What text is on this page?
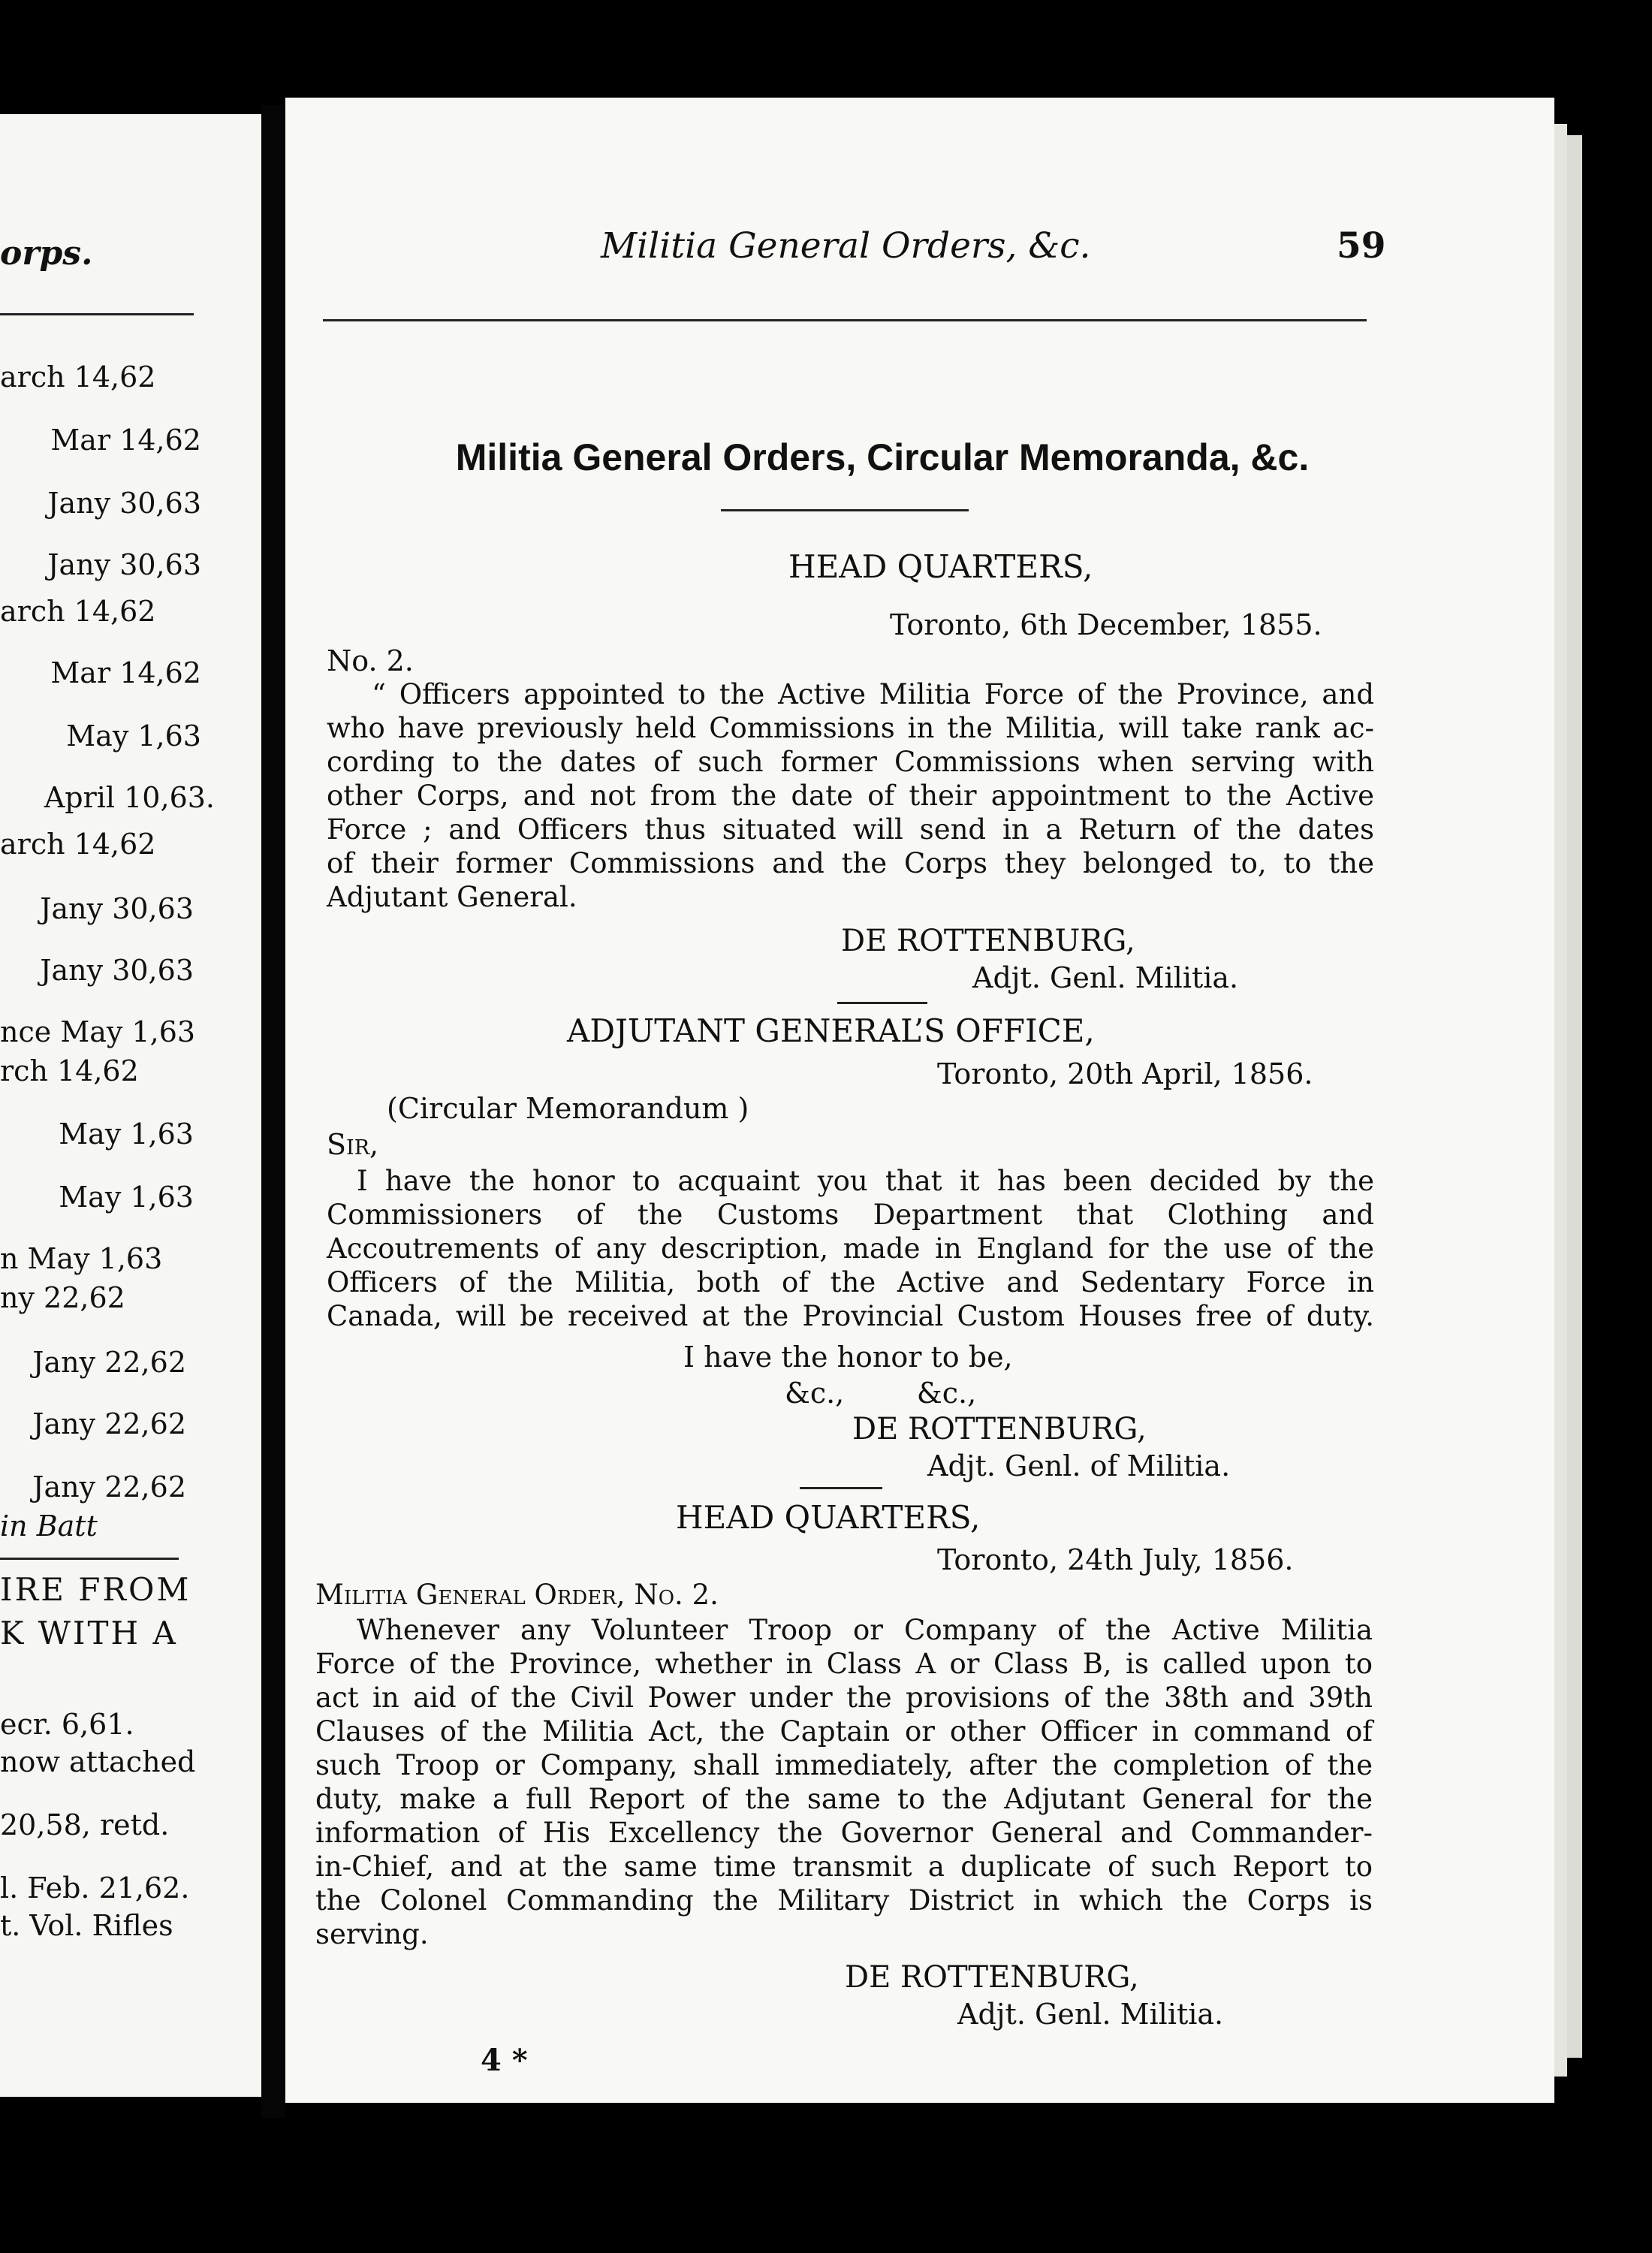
orps.
arch 14,62
Mar 14,62
Jany 30,63
Jany 30,63
arch 14,62
Mar 14,62
May 1,63
April 10,63.
arch 14,62
Jany 30,63
Jany 30,63
nce May 1,63
rch 14,62
May 1,63
May 1,63
n May 1,63
ny 22,62
Jany 22,62
Jany 22,62
Jany 22,62
in Batt
IRE FROM
K WITH A
ecr. 6,61.
now attached
20,58, retd.
l. Feb. 21,62.
t. Vol. Rifles
Militia General Orders, &c.	59
Militia General Orders, Circular Memoranda, &c.
HEAD QUARTERS,
Toronto, 6th December, 1855.
No. 2.
“ Officers appointed to the Active Militia Force of the Province, and
who have previously held Commissions in the Militia, will take rank ac-
cording to the dates of such former Commissions when serving with
other Corps, and not from the date of their appointment to the Active
Force ; and Officers thus situated will send in a Return of the dates
of their former Commissions and the Corps they belonged to, to the
Adjutant General.
DE ROTTENBURG,
Adjt. Genl. Militia.
ADJUTANT GENERAL’S OFFICE,
Toronto, 20th April, 1856.
(Circular Memorandum )
Sir,
I have the honor to acquaint you that it has been decided by the
Commissioners of the Customs Department that Clothing and
Accoutrements of any description, made in England for the use of the
Officers of the Militia, both of the Active and Sedentary Force in
Canada, will be received at the Provincial Custom Houses free of duty.
I have the honor to be,
&c.,        &c.,
DE ROTTENBURG,
Adjt. Genl. of Militia.
HEAD QUARTERS,
Toronto, 24th July, 1856.
Militia General Order, No. 2.
Whenever any Volunteer Troop or Company of the Active Militia
Force of the Province, whether in Class A or Class B, is called upon to
act in aid of the Civil Power under the provisions of the 38th and 39th
Clauses of the Militia Act, the Captain or other Officer in command of
such Troop or Company, shall immediately, after the completion of the
duty, make a full Report of the same to the Adjutant General for the
information of His Excellency the Governor General and Commander-
in-Chief, and at the same time transmit a duplicate of such Report to
the Colonel Commanding the Military District in which the Corps is
serving.
DE ROTTENBURG,
Adjt. Genl. Militia.
4 *
